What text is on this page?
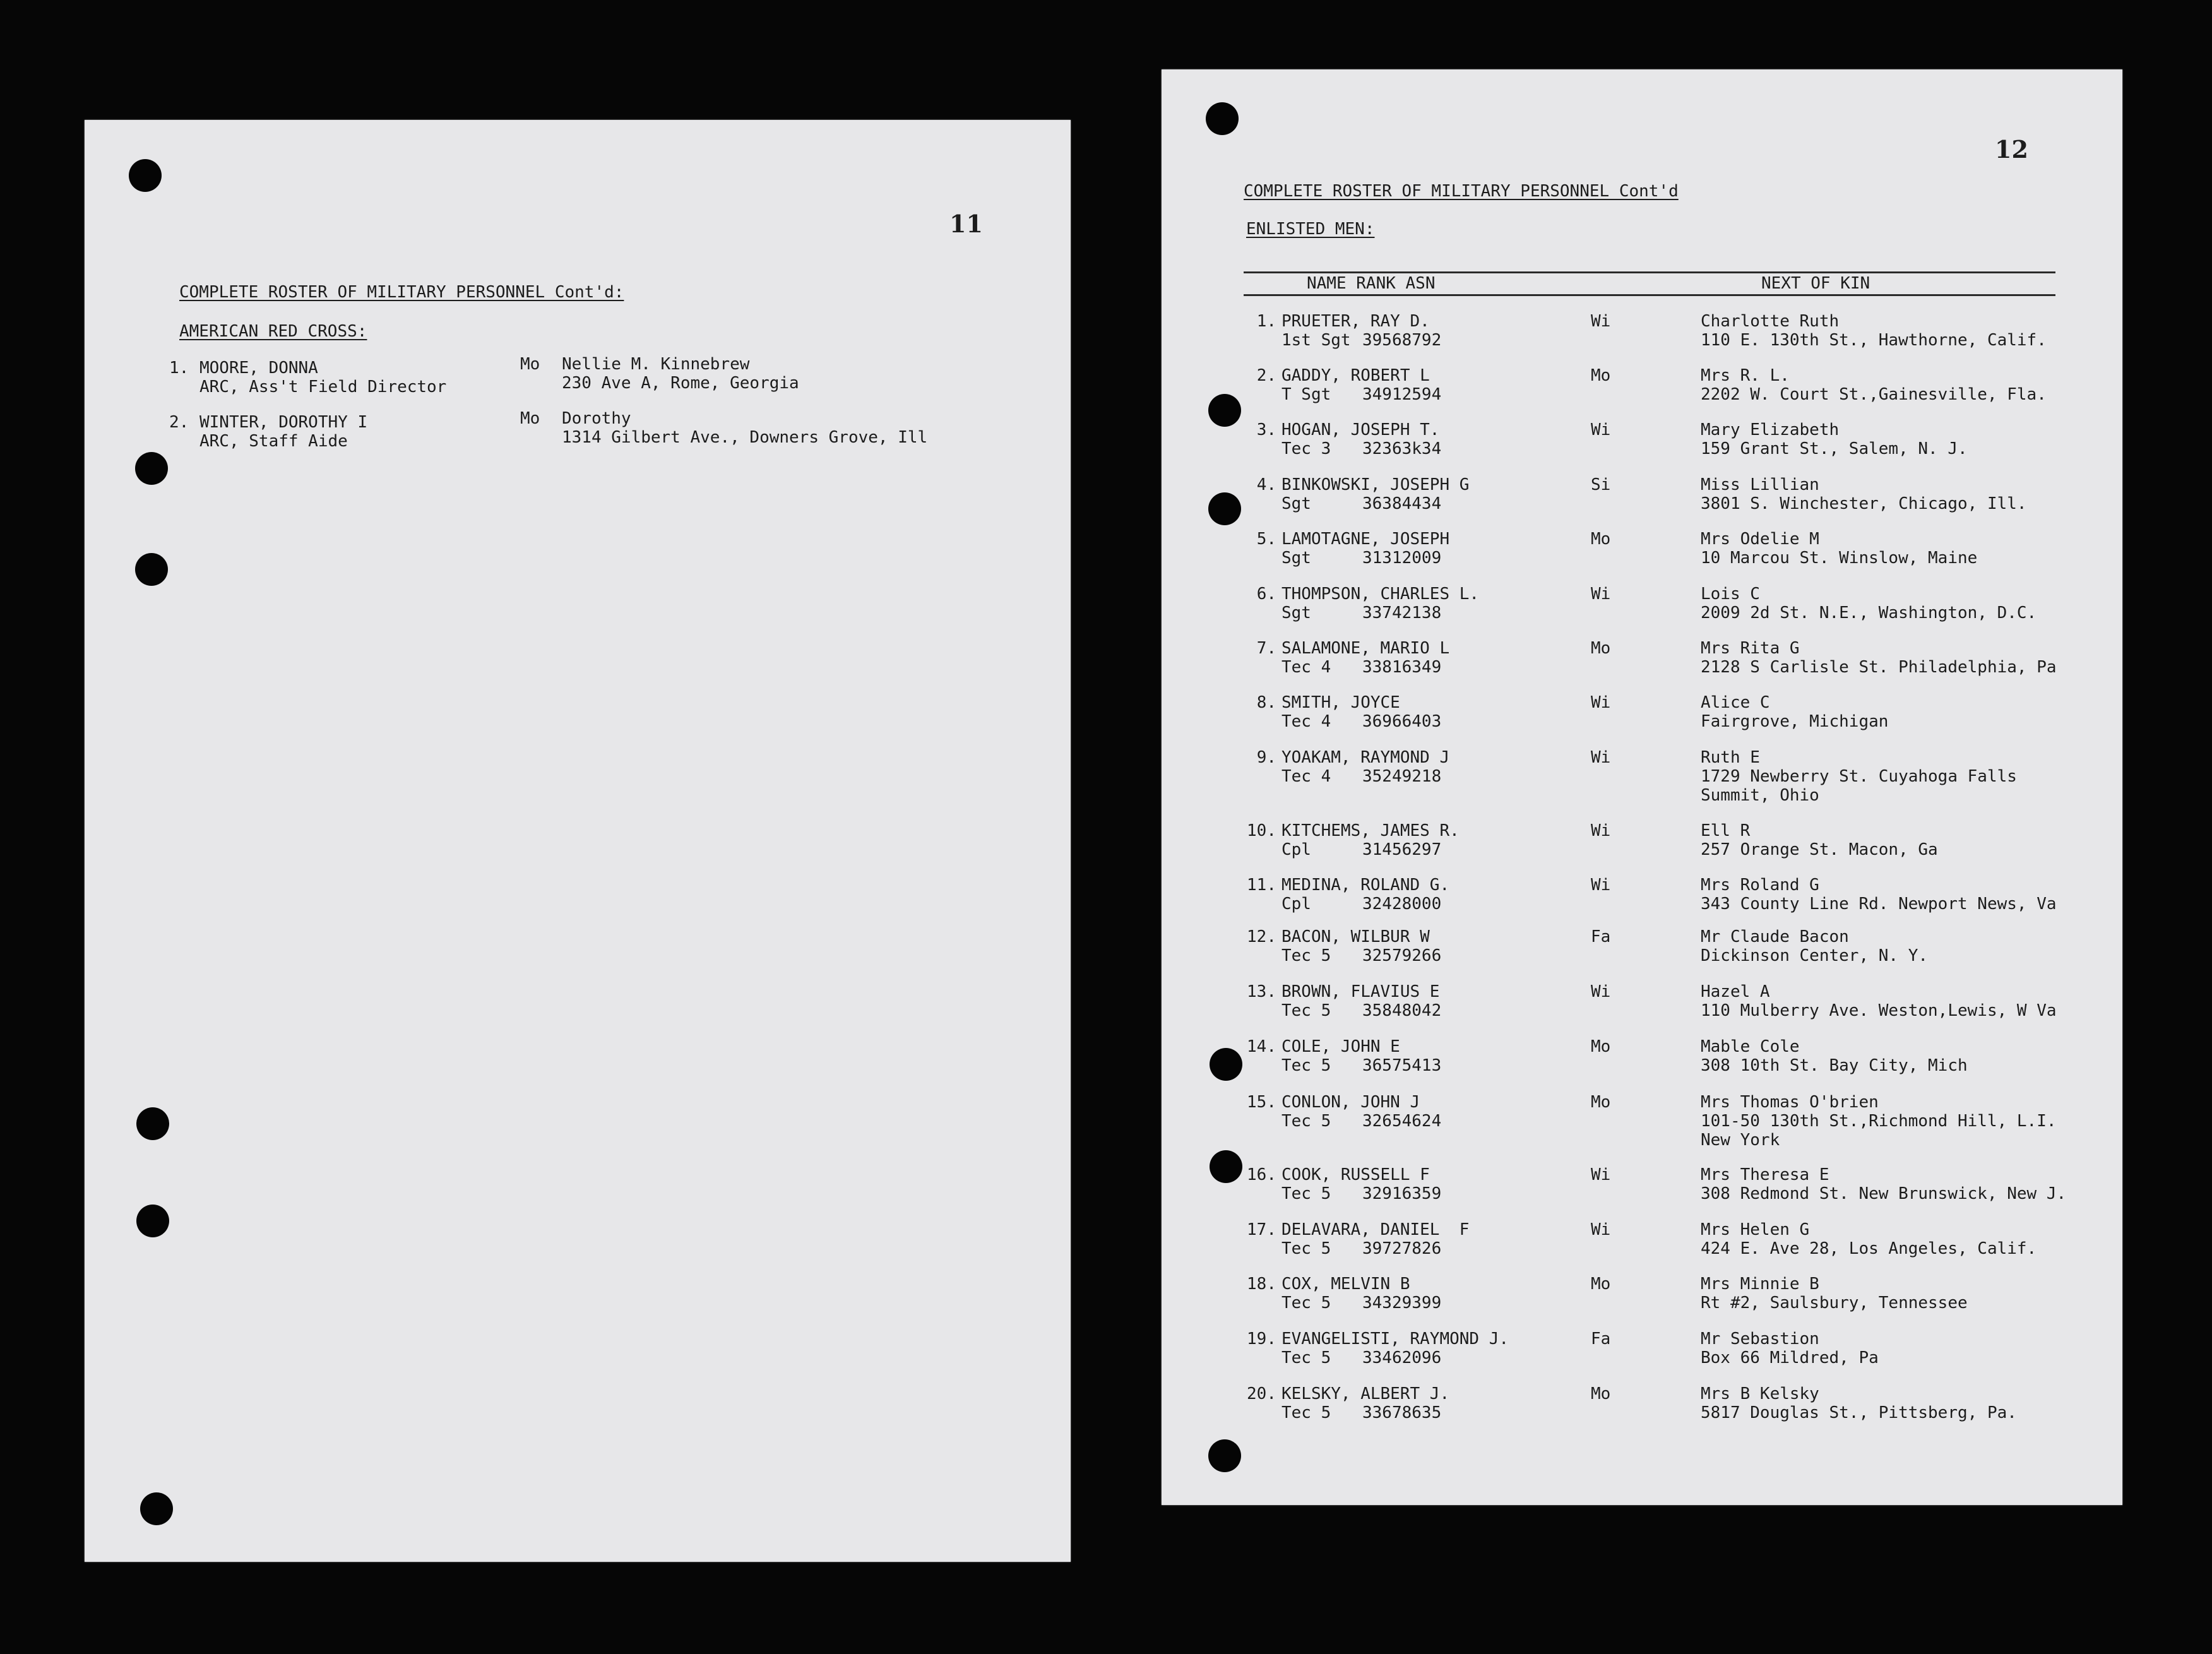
11
COMPLETE ROSTER OF MILITARY PERSONNEL Cont'd:
AMERICAN RED CROSS:
1. MOORE, DONNA
ARC, Ass't Field Director
Mo Nellie M. Kinnebrew
230 Ave A, Rome, Georgia
2. WINTER, DOROTHY I
ARC, Staff Aide
Mo Dorothy
1314 Gilbert Ave., Downers Grove, Ill
12
COMPLETE ROSTER OF MILITARY PERSONNEL Cont'd
ENLISTED MEN:
NAME RANK ASN	NEXT OF KIN
1. PRUETER, RAY D.
1st Sgt 39568792
Wi	Charlotte Ruth
110 E. 130th St., Hawthorne, Calif.
2. GADDY, ROBERT L
T Sgt 34912594
Mo	Mrs R. L.
2202 W. Court St.,Gainesville, Fla.
3. HOGAN, JOSEPH T.
Tec 3 32363k34
Wi	Mary Elizabeth
159 Grant St., Salem, N. J.
4. BINKOWSKI, JOSEPH G
Sgt	36384434
Si	Miss Lillian
3801 S. Winchester, Chicago, Ill.
5. LAMOTAGNE, JOSEPH
Sgt	31312009
Mo	Mrs Odelie M
10 Marcou St. Winslow, Maine
6. THOMPSON, CHARLES L.
Sgt	33742138
Wi	Lois C
2009 2d St. N.E., Washington, D.C.
7. SALAMONE, MARIO L
Tec 4 33816349
Mo	Mrs Rita G
2128 S Carlisle St. Philadelphia, Pa
8. SMITH, JOYCE
Tec 4 36966403
Wi	Alice C
Fairgrove, Michigan
9. YOAKAM, RAYMOND J
Tec 4 35249218
Wi	Ruth E
1729 Newberry St. Cuyahoga Falls
Summit, Ohio
10. KITCHEMS, JAMES R.
Cpl	31456297
Wi	Ell R
257 Orange St. Macon, Ga
11. MEDINA, ROLAND G.
Cpl	32428000
Wi	Mrs Roland G
343 County Line Rd. Newport News, Va
12. BACON, WILBUR W
Tec 5 32579266
Fa	Mr Claude Bacon
Dickinson Center, N. Y.
13. BROWN, FLAVIUS E
Tec 5 35848042
Wi	Hazel A
110 Mulberry Ave. Weston,Lewis, W Va
14. COLE, JOHN E
Tec 5 36575413
Mo	Mable Cole
308 10th St. Bay City, Mich
15. CONLON, JOHN J
Tec 5 32654624
Mo	Mrs Thomas O'brien
101-50 130th St.,Richmond Hill, L.I.
New York
16. COOK, RUSSELL F
Tec 5 32916359
Wi	Mrs Theresa E
308 Redmond St. New Brunswick, New J.
17. DELAVARA, DANIEL  F
Tec 5 39727826
Wi	Mrs Helen G
424 E. Ave 28, Los Angeles, Calif.
18. COX, MELVIN B
Tec 5 34329399
Mo	Mrs Minnie B
Rt #2, Saulsbury, Tennessee
19. EVANGELISTI, RAYMOND J.
Tec 5 33462096
Fa	Mr Sebastion
Box 66 Mildred, Pa
20. KELSKY, ALBERT J.
Tec 5 33678635
Mo	Mrs B Kelsky
5817 Douglas St., Pittsberg, Pa.
